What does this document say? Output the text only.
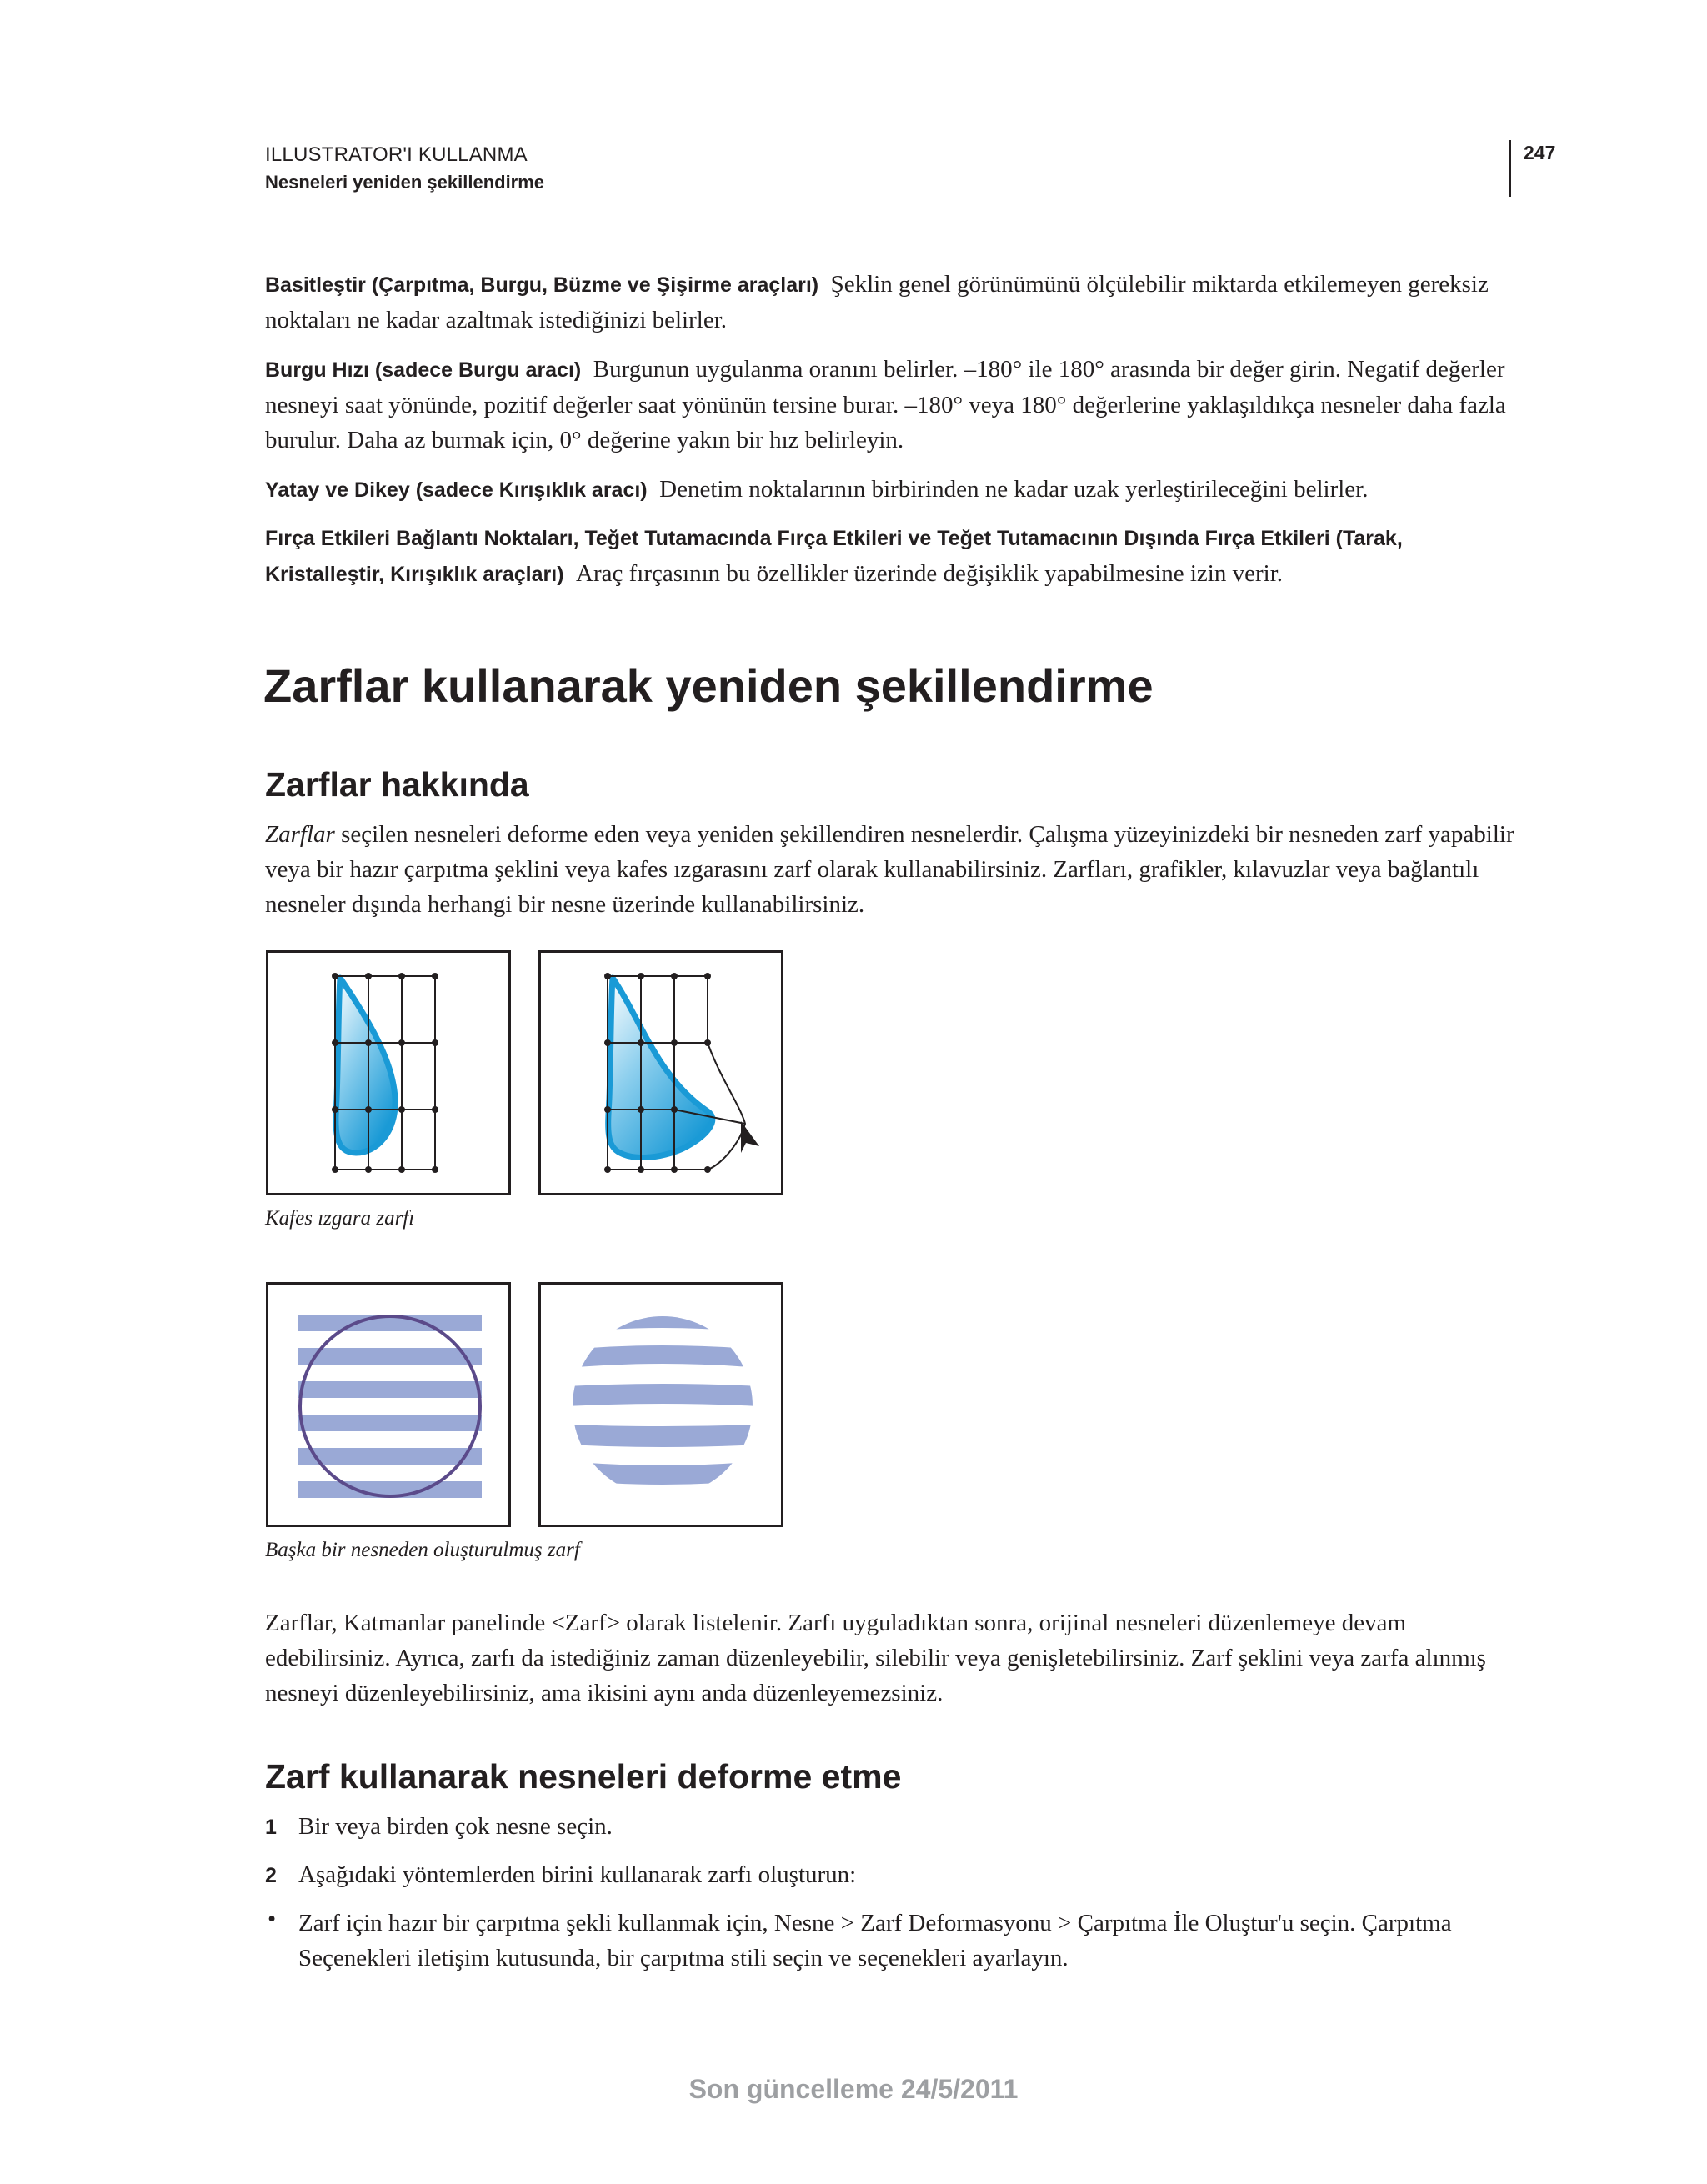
ILLUSTRATOR'I KULLANMA
Nesneleri yeniden şekillendirme
247

Basitleştir (Çarpıtma, Burgu, Büzme ve Şişirme araçları) Şeklin genel görünümünü ölçülebilir miktarda etkilemeyen gereksiz noktaları ne kadar azaltmak istediğinizi belirler.

Burgu Hızı (sadece Burgu aracı) Burgunun uygulanma oranını belirler. –180° ile 180° arasında bir değer girin. Negatif değerler nesneyi saat yönünde, pozitif değerler saat yönünün tersine burar. –180° veya 180° değerlerine yaklaşıldıkça nesneler daha fazla burulur. Daha az burmak için, 0° değerine yakın bir hız belirleyin.

Yatay ve Dikey (sadece Kırışıklık aracı) Denetim noktalarının birbirinden ne kadar uzak yerleştirileceğini belirler.

Fırça Etkileri Bağlantı Noktaları, Teğet Tutamacında Fırça Etkileri ve Teğet Tutamacının Dışında Fırça Etkileri (Tarak, Kristalleştir, Kırışıklık araçları) Araç fırçasının bu özellikler üzerinde değişiklik yapabilmesine izin verir.

Zarflar kullanarak yeniden şekillendirme
Zarflar hakkında

Zarflar seçilen nesneleri deforme eden veya yeniden şekillendiren nesnelerdir. Çalışma yüzeyinizdeki bir nesneden zarf yapabilir veya bir hazır çarpıtma şeklini veya kafes ızgarasını zarf olarak kullanabilirsiniz. Zarfları, grafikler, kılavuzlar veya bağlantılı nesneler dışında herhangi bir nesne üzerinde kullanabilirsiniz.

Kafes ızgara zarfı
Başka bir nesneden oluşturulmuş zarf

Zarflar, Katmanlar panelinde <Zarf> olarak listelenir. Zarfı uyguladıktan sonra, orijinal nesneleri düzenlemeye devam edebilirsiniz. Ayrıca, zarfı da istediğiniz zaman düzenleyebilir, silebilir veya genişletebilirsiniz. Zarf şeklini veya zarfa alınmış nesneyi düzenleyebilirsiniz, ama ikisini aynı anda düzenleyemezsiniz.

Zarf kullanarak nesneleri deforme etme
1 Bir veya birden çok nesne seçin.

2 Aşağıdaki yöntemlerden birini kullanarak zarfı oluşturun:

• Zarf için hazır bir çarpıtma şekli kullanmak için, Nesne > Zarf Deformasyonu > Çarpıtma İle Oluştur'u seçin. Çarpıtma Seçenekleri iletişim kutusunda, bir çarpıtma stili seçin ve seçenekleri ayarlayın.

Son güncelleme 24/5/2011
